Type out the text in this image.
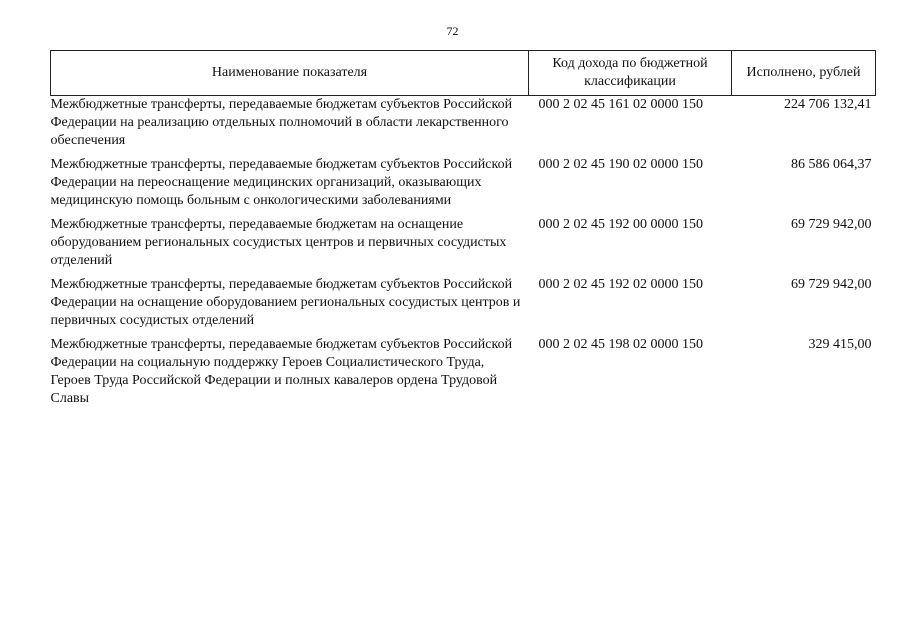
72
Наименование показателя	Код дохода по бюджетной классификации	Исполнено, рублей
Межбюджетные трансферты, передаваемые бюджетам субъектов Российской Федерации на реализацию отдельных полномочий в области лекарственного обеспечения	000 2 02 45 161 02 0000 150	224 706 132,41
Межбюджетные трансферты, передаваемые бюджетам субъектов Российской Федерации на переоснащение медицинских организаций, оказывающих медицинскую помощь больным с онкологическими заболеваниями	000 2 02 45 190 02 0000 150	86 586 064,37
Межбюджетные трансферты, передаваемые бюджетам на оснащение оборудованием региональных сосудистых центров и первичных сосудистых отделений	000 2 02 45 192 00 0000 150	69 729 942,00
Межбюджетные трансферты, передаваемые бюджетам субъектов Российской Федерации на оснащение оборудованием региональных сосудистых центров и первичных сосудистых отделений	000 2 02 45 192 02 0000 150	69 729 942,00
Межбюджетные трансферты, передаваемые бюджетам субъектов Российской Федерации на социальную поддержку Героев Социалистического Труда, Героев Труда Российской Федерации и полных кавалеров ордена Трудовой Славы	000 2 02 45 198 02 0000 150	329 415,00
